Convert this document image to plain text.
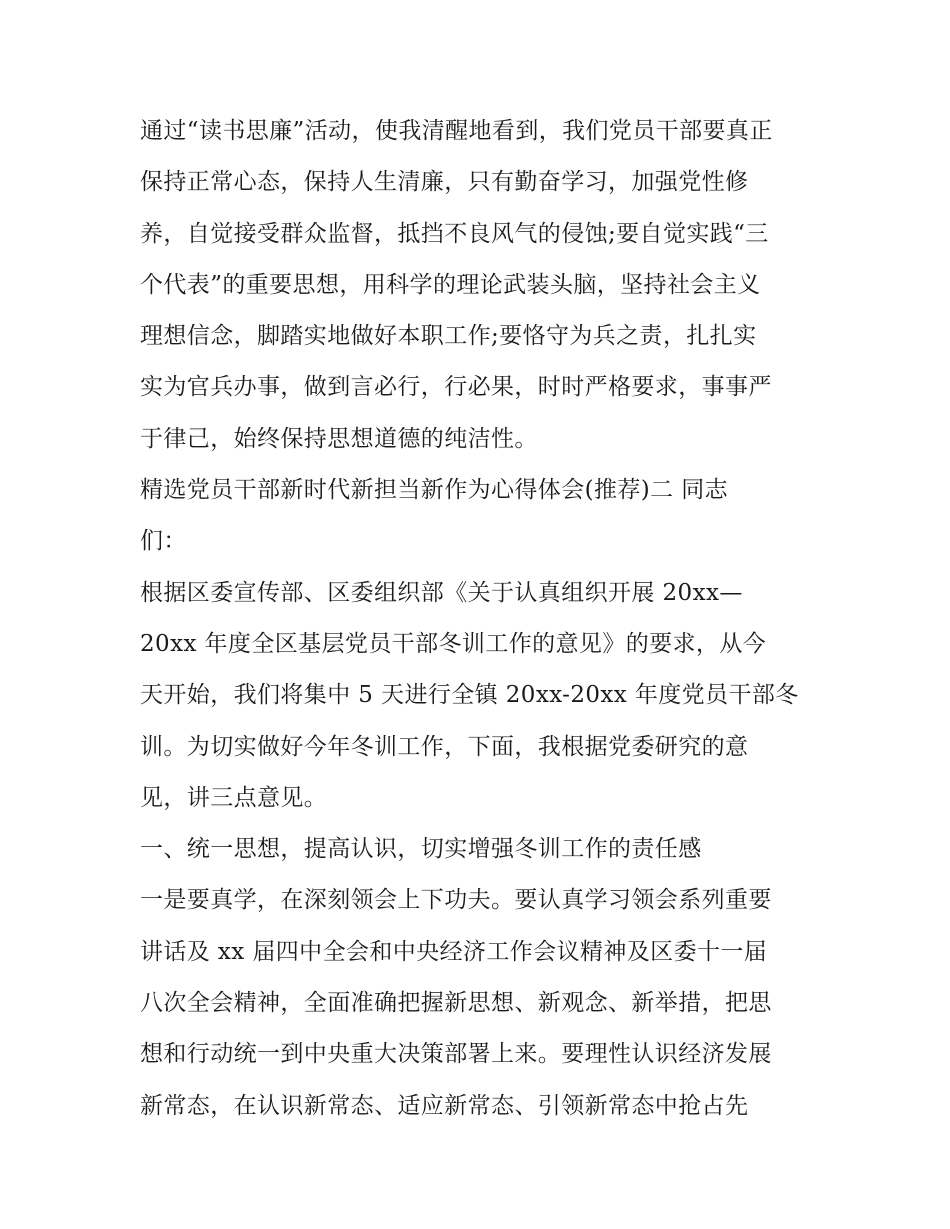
通过“读书思廉”活动，使我清醒地看到，我们党员干部要真正
保持正常心态，保持人生清廉，只有勤奋学习，加强党性修
养，自觉接受群众监督，抵挡不良风气的侵蚀;要自觉实践“三
个代表”的重要思想，用科学的理论武装头脑，坚持社会主义
理想信念，脚踏实地做好本职工作;要恪守为兵之责，扎扎实
实为官兵办事，做到言必行，行必果，时时严格要求，事事严
于律己，始终保持思想道德的纯洁性。
精选党员干部新时代新担当新作为心得体会(推荐)二 同志
们：
根据区委宣传部、区委组织部《关于认真组织开展 20xx—
20xx 年度全区基层党员干部冬训工作的意见》的要求，从今
天开始，我们将集中 5 天进行全镇 20xx-20xx 年度党员干部冬
训。为切实做好今年冬训工作，下面，我根据党委研究的意
见，讲三点意见。
一、统一思想，提高认识，切实增强冬训工作的责任感
一是要真学，在深刻领会上下功夫。要认真学习领会系列重要
讲话及 xx 届四中全会和中央经济工作会议精神及区委十一届
八次全会精神，全面准确把握新思想、新观念、新举措，把思
想和行动统一到中央重大决策部署上来。要理性认识经济发展
新常态，在认识新常态、适应新常态、引领新常态中抢占先
